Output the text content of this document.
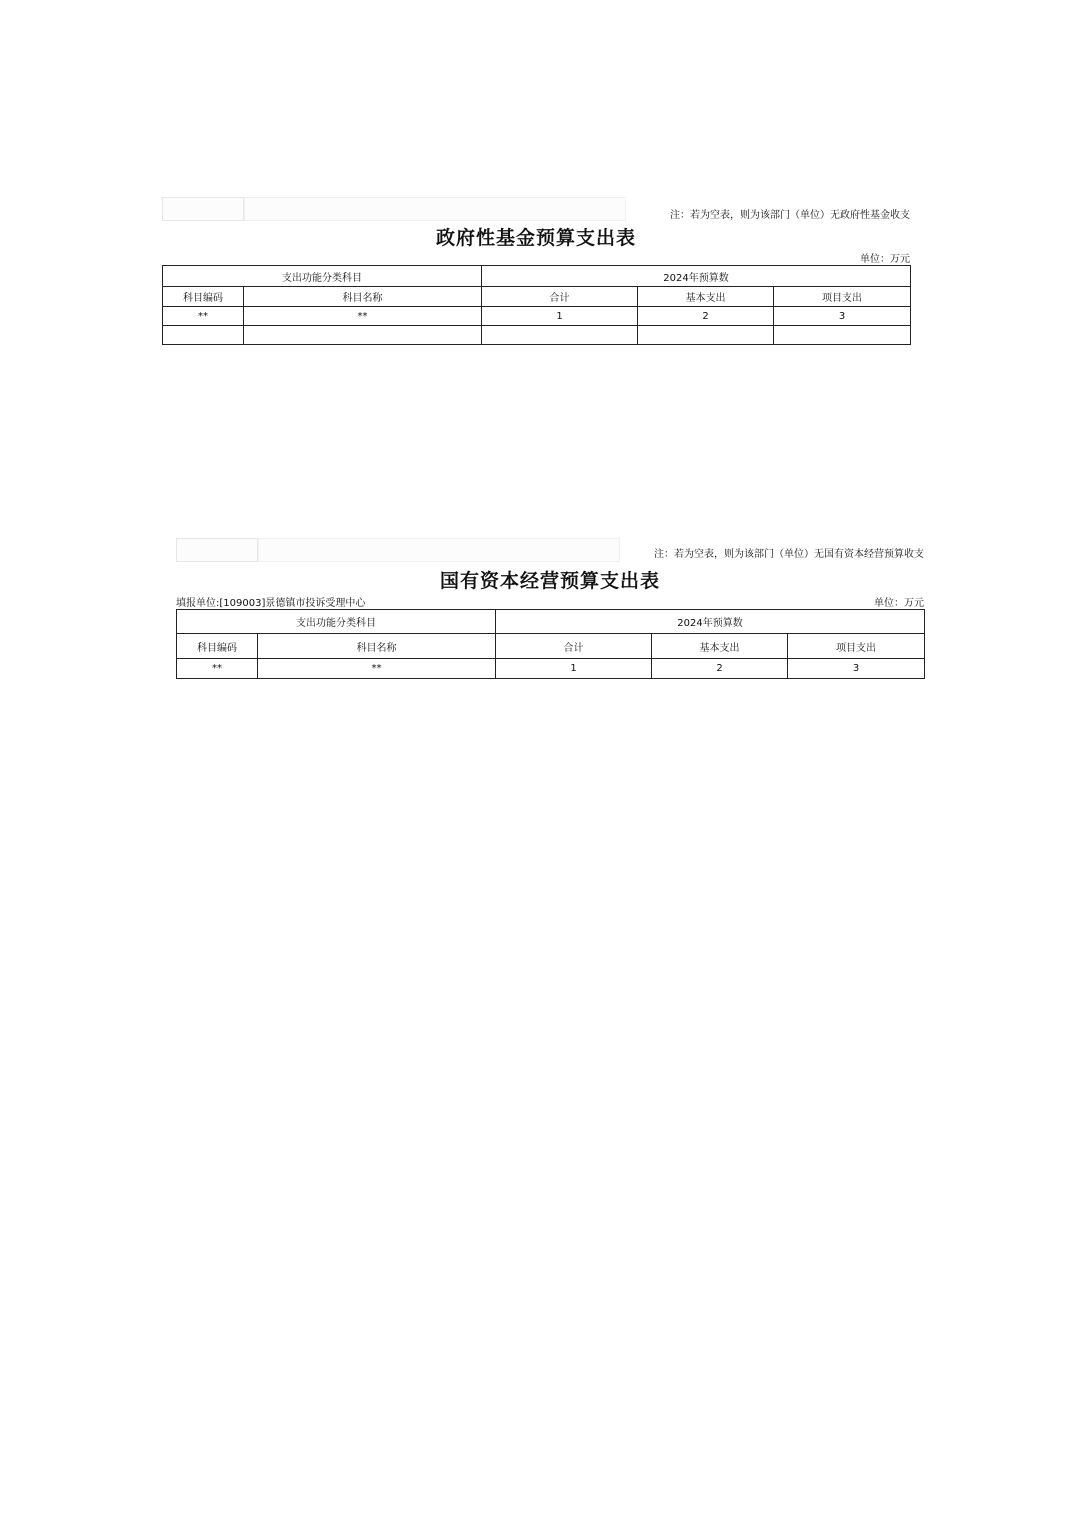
注：若为空表，则为该部门（单位）无政府性基金收支
政府性基金预算支出表
单位：万元
支出功能分类科目		2024年预算数		
科目编码	科目名称	合计	基本支出	项目支出
**	**	1	2	3

注：若为空表，则为该部门（单位）无国有资本经营预算收支
国有资本经营预算支出表
填报单位:[109003]景德镇市投诉受理中心	单位：万元
支出功能分类科目		2024年预算数		
科目编码	科目名称	合计	基本支出	项目支出
**	**	1	2	3
